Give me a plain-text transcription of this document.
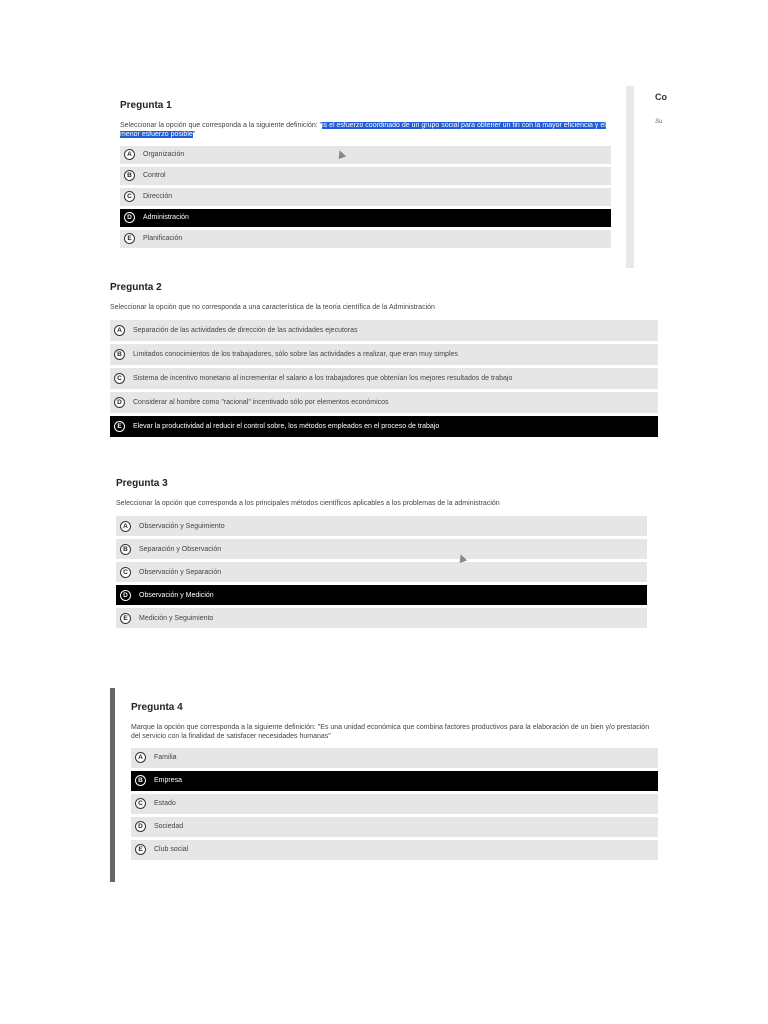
Co
Su
Pregunta 1
Seleccionar la opción que corresponda a la siguiente definición: "is el esfuerzo coordinado de un grupo social para obtener un fin con la mayor eficiencia y el menor esfuerzo posible"
A	Organización
B	Control
C	Dirección
D	Administración
E	Planificación
Pregunta 2
Seleccionar la opción que no corresponda a una característica de la teoría científica de la Administración
A	Separación de las actividades de dirección de las actividades ejecutoras
B	Limitados conocimientos de los trabajadores, sólo sobre las actividades a realizar, que eran muy simples
C	Sistema de incentivo monetario al incrementar el salario a los trabajadores que obtenían los mejores resultados de trabajo
D	Considerar al hombre como "racional" incentivado sólo por elementos económicos
E	Elevar la productividad al reducir el control sobre, los métodos empleados en el proceso de trabajo
Pregunta 3
Seleccionar la opción que corresponda a los principales métodos científicos aplicables a los problemas de la administración
A	Observación y Seguimiento
B	Separación y Observación
C	Observación y Separación
D	Observación y Medición
E	Medición y Seguimiento
Pregunta 4
Marque la opción que corresponda a la siguiente definición: "Es una unidad económica que combina factores productivos para la elaboración de un bien y/o prestación del servicio con la finalidad de satisfacer necesidades humanas"
A	Familia
B	Empresa
C	Estado
D	Sociedad
E	Club social
